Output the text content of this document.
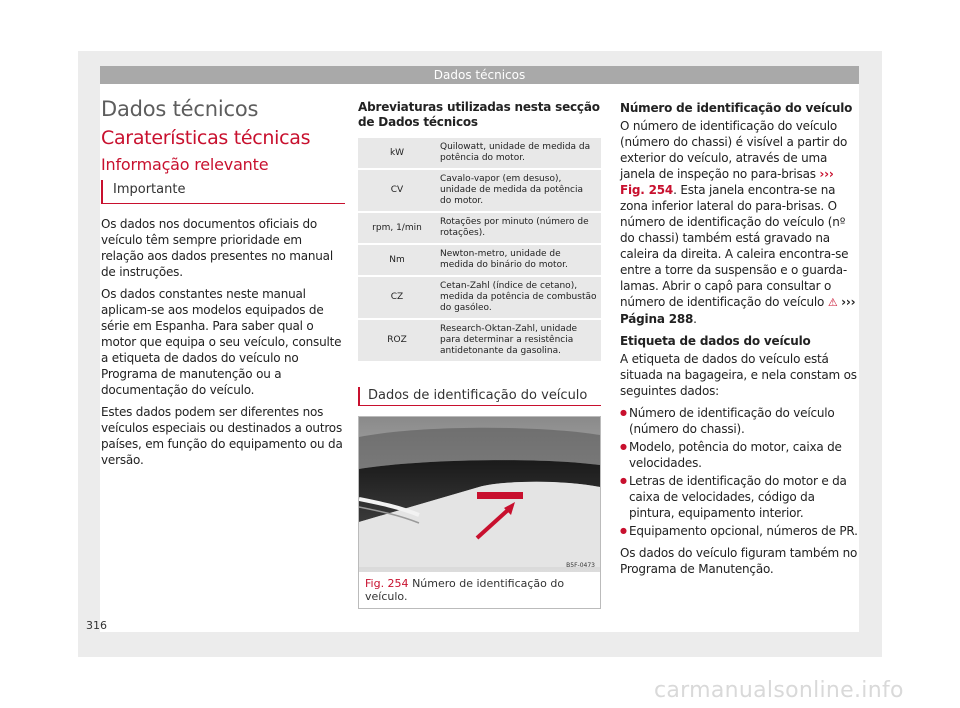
Dados técnicos
Dados técnicos
Caraterísticas técnicas
Informação relevante
Importante

Os dados nos documentos oficiais do veículo têm sempre prioridade em relação aos dados presentes no manual de instruções.

Os dados constantes neste manual aplicam-se aos modelos equipados de série em Espanha. Para saber qual o motor que equipa o seu veículo, consulte a etiqueta de dados do veículo no Programa de manutenção ou a documentação do veículo.

Estes dados podem ser diferentes nos veículos especiais ou destinados a outros países, em função do equipamento ou da versão.

Abreviaturas utilizadas nesta secção de Dados técnicos
kW	Quilowatt, unidade de medida da potência do motor.
CV	Cavalo-vapor (em desuso), unidade de medida da potência do motor.
rpm, 1/min	Rotações por minuto (número de rotações).
Nm	Newton-metro, unidade de medida do binário do motor.
CZ	Cetan-Zahl (índice de cetano), medida da potência de combustão do gasóleo.
ROZ	Research-Oktan-Zahl, unidade para determinar a resistência antidetonante da gasolina.
Dados de identificação do veículo
B5F-0473
Fig. 254 Número de identificação do veículo.
Número de identificação do veículo

O número de identificação do veículo (número do chassi) é visível a partir do exterior do veículo, através de uma janela de inspeção no para-brisas ››› Fig. 254. Esta janela encontra-se na zona inferior lateral do para-brisas. O número de identificação do veículo (nº do chassi) também está gravado na caleira da direita. A caleira encontra-se entre a torre da suspensão e o guarda-lamas. Abrir o capô para consultar o número de identificação do veículo ⚠ ››› Página 288.

Etiqueta de dados do veículo

A etiqueta de dados do veículo está situada na bagageira, e nela constam os seguintes dados:

● Número de identificação do veículo (número do chassi).
● Modelo, potência do motor, caixa de velocidades.
● Letras de identificação do motor e da caixa de velocidades, código da pintura, equipamento interior.
● Equipamento opcional, números de PR.

Os dados do veículo figuram também no Programa de Manutenção.

316
carmanualsonline.info
